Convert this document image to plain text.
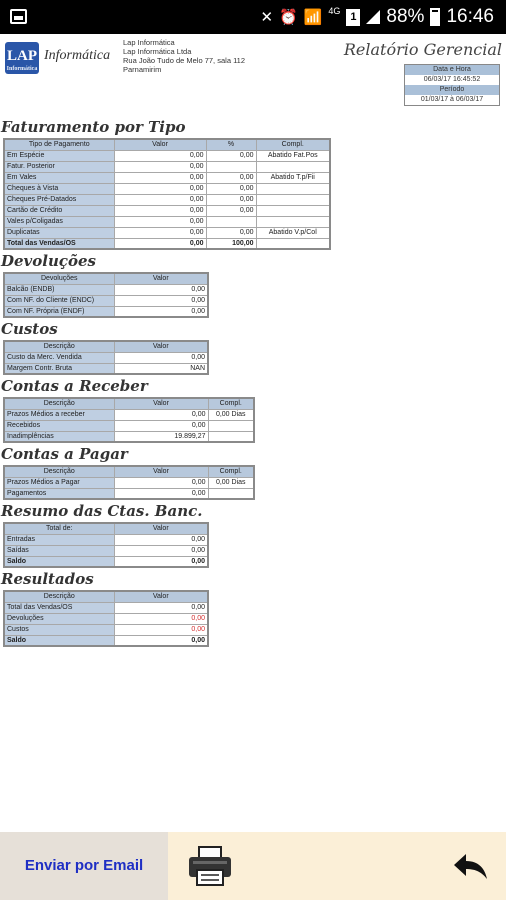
✕ ⏰ 📶 4G 1 88% 16:46
LAP
Informática
Informática
Lap Informática
Lap Informática Ltda
Rua João Tudo de Melo 77, sala 112
Parnamirim
Relatório Gerencial
Data e Hora
06/03/17 16:45:52
Período
01/03/17 à 06/03/17
Faturamento por Tipo
Tipo de Pagamento	Valor	%	Compl.
Em Espécie	0,00	0,00	Abatido Fat.Pos
Fatur. Posterior	0,00		
Em Vales	0,00	0,00	Abatido T.p/Fii
Cheques à Vista	0,00	0,00	
Cheques Pré-Datados	0,00	0,00	
Cartão de Crédito	0,00	0,00	
Vales p/Coligadas	0,00		
Duplicatas	0,00	0,00	Abatido V.p/Col
Total das Vendas/OS	0,00	100,00	
Devoluções
Devoluções	Valor
Balcão (ENDB)	0,00
Com NF. do Cliente (ENDC)	0,00
Com NF. Própria (ENDF)	0,00
Custos
Descrição	Valor
Custo da Merc. Vendida	0,00
Margem Contr. Bruta	NAN
Contas a Receber
Descrição	Valor	Compl.
Prazos Médios a receber	0,00	0,00 Dias
Recebidos	0,00	
Inadimplências	19.899,27	
Contas a Pagar
Descrição	Valor	Compl.
Prazos Médios a Pagar	0,00	0,00 Dias
Pagamentos	0,00	
Resumo das Ctas. Banc.
Total de:	Valor
Entradas	0,00
Saídas	0,00
Saldo	0,00
Resultados
Descrição	Valor
Total das Vendas/OS	0,00
Devoluções	0,00
Custos	0,00
Saldo	0,00
Enviar por Email
